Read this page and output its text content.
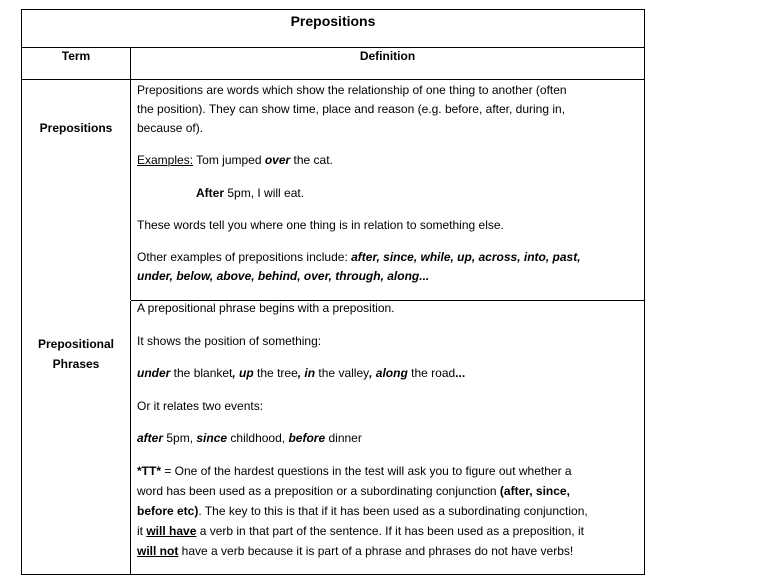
Prepositions
Term	Definition
Prepositions
Prepositions are words which show the relationship of one thing to another (often
the position). They can show time, place and reason (e.g. before, after, during in,
because of).
Examples: Tom jumped over the cat.
After 5pm, I will eat.
These words tell you where one thing is in relation to something else.
Other examples of prepositions include: after, since, while, up, across, into, past,
under, below, above, behind, over, through, along...
Prepositional
Phrases
A prepositional phrase begins with a preposition.
It shows the position of something:
under the blanket, up the tree, in the valley, along the road...
Or it relates two events:
after 5pm, since childhood, before dinner
*TT* = One of the hardest questions in the test will ask you to figure out whether a
word has been used as a preposition or a subordinating conjunction (after, since,
before etc). The key to this is that if it has been used as a subordinating conjunction,
it will have a verb in that part of the sentence. If it has been used as a preposition, it
will not have a verb because it is part of a phrase and phrases do not have verbs!
